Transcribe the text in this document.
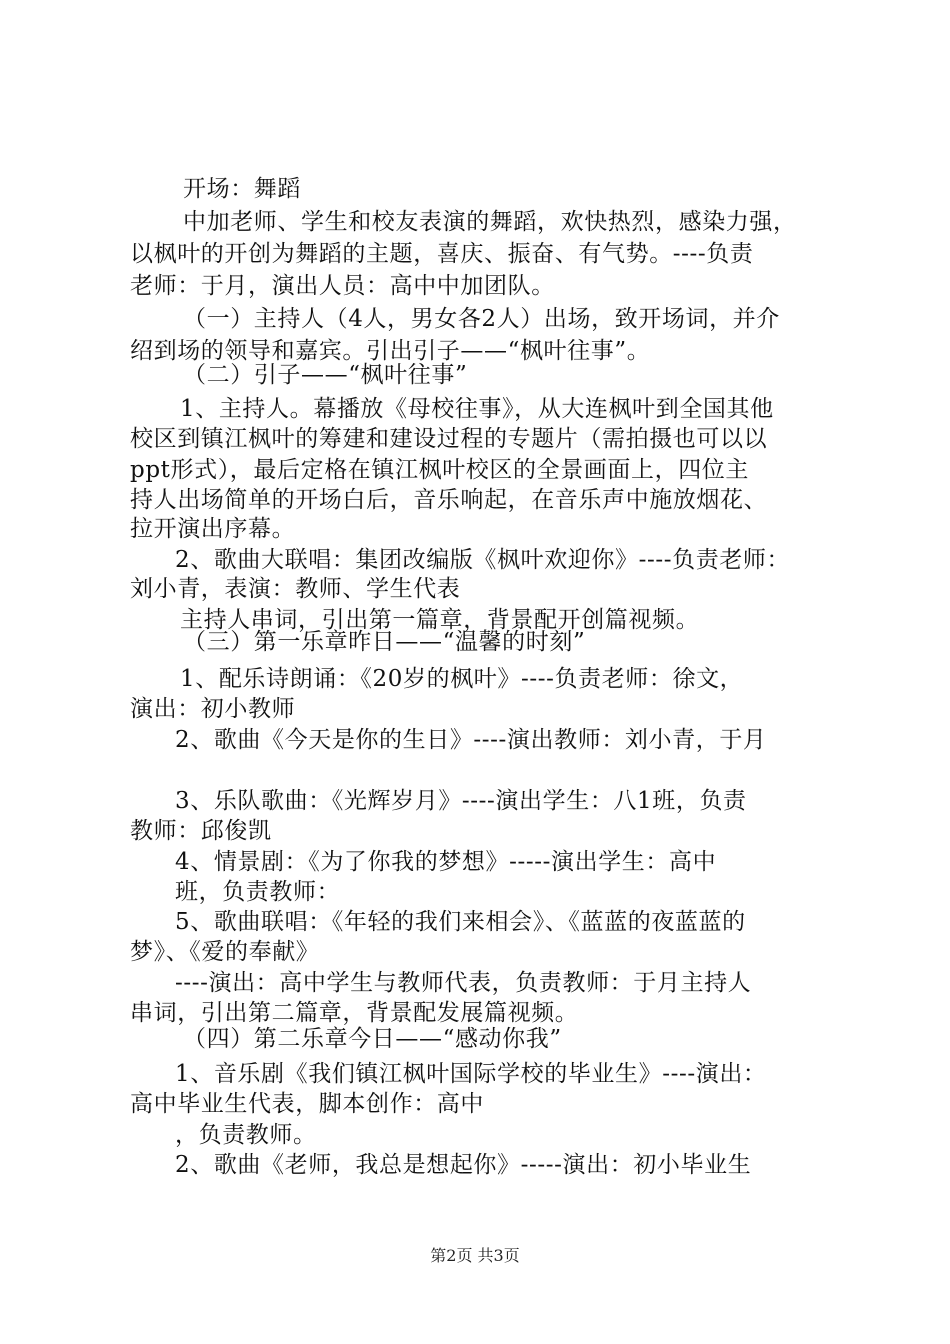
开场：舞蹈
中加老师、学生和校友表演的舞蹈，欢快热烈，感染力强，
以枫叶的开创为舞蹈的主题，喜庆、振奋、有气势。----负责
老师：于月，演出人员：高中中加团队。
（一）主持人（4人，男女各2人）出场，致开场词，并介
绍到场的领导和嘉宾。引出引子——“枫叶往事”。
（二）引子——“枫叶往事”
1、主持人。幕播放《母校往事》，从大连枫叶到全国其他
校区到镇江枫叶的筹建和建设过程的专题片（需拍摄也可以以
ppt形式），最后定格在镇江枫叶校区的全景画面上，四位主
持人出场简单的开场白后，音乐响起，在音乐声中施放烟花、
拉开演出序幕。
2、歌曲大联唱：集团改编版《枫叶欢迎你》----负责老师：
刘小青，表演：教师、学生代表
主持人串词，引出第一篇章，背景配开创篇视频。
（三）第一乐章昨日——“温馨的时刻”
1、配乐诗朗诵：《20岁的枫叶》----负责老师：徐文，
演出：初小教师
2、歌曲《今天是你的生日》----演出教师：刘小青，于月
3、乐队歌曲：《光辉岁月》----演出学生：八1班，负责
教师：邱俊凯
4、情景剧：《为了你我的梦想》-----演出学生：高中
班，负责教师：
5、歌曲联唱：《年轻的我们来相会》、《蓝蓝的夜蓝蓝的
梦》、《爱的奉献》
----演出：高中学生与教师代表，负责教师：于月主持人
串词，引出第二篇章，背景配发展篇视频。
（四）第二乐章今日——“感动你我”
1、音乐剧《我们镇江枫叶国际学校的毕业生》----演出：
高中毕业生代表，脚本创作：高中
，负责教师。
2、歌曲《老师，我总是想起你》-----演出：初小毕业生
第2页 共3页
